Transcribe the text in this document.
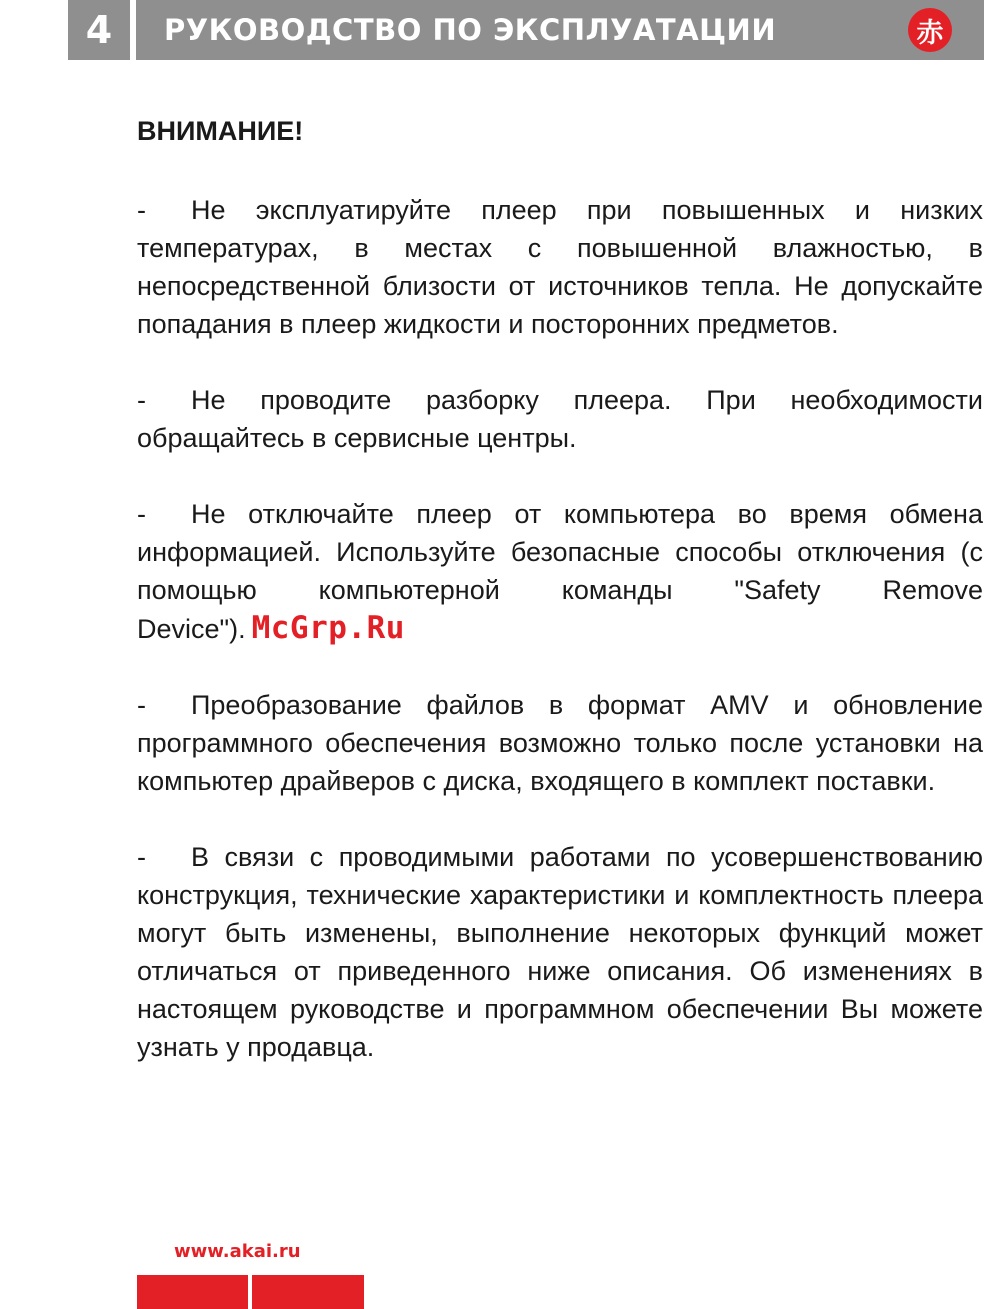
4	РУКОВОДСТВО ПО ЭКСПЛУАТАЦИИ	赤
ВНИМАНИЕ!

- Не эксплуатируйте плеер при повышенных и низких температурах, в местах с повышенной влажностью, в непосредственной близости от источников тепла. Не допускайте попадания в плеер жидкости и посторонних предметов.

- Не проводите разборку плеера. При необходимости обращайтесь в сервисные центры.

- Не отключайте плеер от компьютера во время обмена информацией. Используйте безопасные способы отключения (с помощью компьютерной команды "Safety Remove Device"). McGrp.Ru

- Преобразование файлов в формат AMV и обновление программного обеспечения возможно только после установки на компьютер драйверов с диска, входящего в комплект поставки.

- В связи с проводимыми работами по усовершенствованию конструкция, технические характеристики и комплектность плеера могут быть изменены, выполнение некоторых функций может отличаться от приведенного ниже описания. Об изменениях в настоящем руководстве и программном обеспечении Вы можете узнать у продавца.

www.akai.ru
